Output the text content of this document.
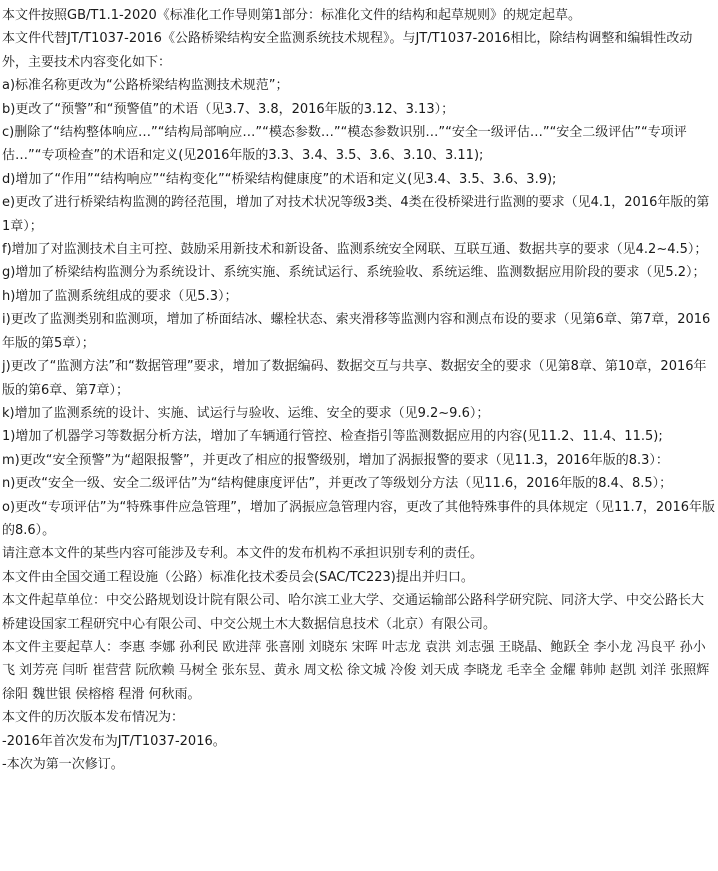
本文件按照GB/T1.1-2020《标准化工作导则第1部分：标准化文件的结构和起草规则》的规定起草。

本文件代替JT/T1037-2016《公路桥梁结构安全监测系统技术规程》。与JT/T1037-2016相比，除结构调整和编辑性改动外，主要技术内容变化如下：

a)标准名称更改为“公路桥梁结构监测技术规范”；

b)更改了“预警”和“预警值”的术语（见3.7、3.8，2016年版的3.12、3.13）；

c)删除了“结构整体响应…”“结构局部响应…”“模态参数…”“模态参数识别…”“安全一级评估…”“安全二级评估”“专项评估…”“专项检查”的术语和定义(见2016年版的3.3、3.4、3.5、3.6、3.10、3.11);

d)增加了“作用”“结构响应”“结构变化”“桥梁结构健康度”的术语和定义(见3.4、3.5、3.6、3.9);

e)更改了进行桥梁结构监测的跨径范围，增加了对技术状况等级3类、4类在役桥梁进行监测的要求（见4.1，2016年版的第1章）；

f)增加了对监测技术自主可控、鼓励采用新技术和新设备、监测系统安全网联、互联互通、数据共享的要求（见4.2~4.5）；

g)增加了桥梁结构监测分为系统设计、系统实施、系统试运行、系统验收、系统运维、监测数据应用阶段的要求（见5.2）；

h)增加了监测系统组成的要求（见5.3）；

i)更改了监测类别和监测项，增加了桥面结冰、螺栓状态、索夹滑移等监测内容和测点布设的要求（见第6章、第7章，2016年版的第5章）；

j)更改了“监测方法”和“数据管理”要求，增加了数据编码、数据交互与共享、数据安全的要求（见第8章、第10章，2016年版的第6章、第7章）；

k)增加了监测系统的设计、实施、试运行与验收、运维、安全的要求（见9.2~9.6）；

1)增加了机器学习等数据分析方法，增加了车辆通行管控、检查指引等监测数据应用的内容(见11.2、11.4、11.5);

m)更改“安全预警”为“超限报警”，并更改了相应的报警级别，增加了涡振报警的要求（见11.3，2016年版的8.3）：

n)更改“安全一级、安全二级评估”为“结构健康度评估”，并更改了等级划分方法（见11.6，2016年版的8.4、8.5）；

o)更改“专项评估”为“特殊事件应急管理”，增加了涡振应急管理内容，更改了其他特殊事件的具体规定（见11.7，2016年版的8.6）。

请注意本文件的某些内容可能涉及专利。本文件的发布机构不承担识别专利的责任。

本文件由全国交通工程设施（公路）标准化技术委员会(SAC/TC223)提出并归口。

本文件起草单位：中交公路规划设计院有限公司、哈尔滨工业大学、交通运输部公路科学研究院、同济大学、中交公路长大桥建设国家工程研究中心有限公司、中交公规土木大数据信息技术（北京）有限公司。

本文件主要起草人：李惠 李娜 孙利民 欧进萍 张喜刚 刘晓东 宋晖 叶志龙 袁洪 刘志强 王晓晶、鲍跃全 李小龙 冯良平 孙小飞 刘芳亮 闫昕 崔营营 阮欣赖 马树全 张东昱、黄永 周文松 徐文城 冷俊 刘天成 李晓龙 毛幸全 金耀 韩帅 赵凯 刘洋 张照辉 徐阳 魏世银 侯榕榕 程滑 何秋雨。

本文件的历次版本发布情况为：

-2016年首次发布为JT/T1037-2016。

-本次为第一次修订。
